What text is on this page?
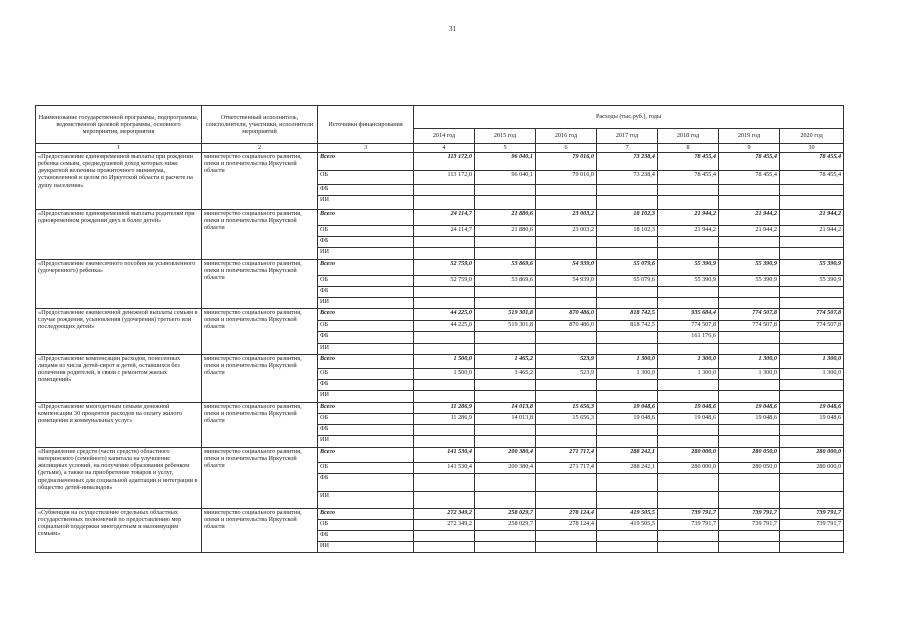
31
Наименование государственной программы, подпрограммы, ведомственной целевой программы, основного мероприятия, мероприятия	Ответственный исполнитель, соисполнители, участники, исполнители мероприятий	Источники финансирования	Расходы (тыс.руб.), годы						
			2014 год	2015 год	2016 год	2017 год	2018 год	2019 год	2020 год
1	2	3	4	5	6	7	8	9	10
«Предоставление единовременной выплаты при рождении ребенка семьям, среднедушевой доход которых ниже двукратной величины прожиточного минимума, установленной в целом по Иркутской области в расчете на душу населения»	министерство социального развития, опеки и попечительства Иркутской области	Всего	113 172,0	96 040,1	79 016,0	73 238,4	78 455,4	78 455,4	78 455,4
		ОБ	113 172,0	96 040,1	79 016,0	73 238,4	78 455,4	78 455,4	78 455,4
		ФБ							
		ИИ							
«Предоставление единовременной выплаты родителям при одновременном рождении двух и более детей»	министерство социального развития, опеки и попечительства Иркутской области	Всего	24 114,7	21 880,6	23 003,2	18 102,3	21 944,2	21 944,2	21 944,2
		ОБ	24 114,7	21 880,6	23 003,2	18 102,3	21 944,2	21 944,2	21 944,2
		ФБ							
		ИИ							
«Предоставление ежемесячного пособия на усыновленного (удочеренного) ребенка»	министерство социального развития, опеки и попечительства Иркутской области	Всего	52 759,0	53 869,6	54 939,0	55 079,6	55 390,9	55 390,9	55 390,9
		ОБ	52 759,0	53 869,6	54 939,0	55 079,6	55 390,9	55 390,9	55 390,9
		ФБ							
		ИИ							
«Предоставление ежемесячной денежной выплаты семьям в случае рождения, усыновления (удочерения) третьего или последующих детей»	министерство социального развития, опеки и попечительства Иркутской области	Всего	44 225,0	519 301,8	870 486,0	818 742,5	935 684,4	774 507,8	774 507,8
		ОБ	44 225,0	519 301,8	870 486,0	818 742,5	774 507,8	774 507,8	774 507,8
		ФБ					161 176,6		
		ИИ							
«Предоставление компенсации расходов, понесенных лицами из числа детей-сирот и детей, оставшихся без попечения родителей, в связи с ремонтом жилых помещений»	министерство социального развития, опеки и попечительства Иркутской области	Всего	1 500,0	1 465,2	523,9	1 300,0	1 300,0	1 300,0	1 300,0
		ОБ	1 500,0	1 465,2	523,9	1 300,0	1 300,0	1 300,0	1 300,0
		ФБ							
		ИИ							
«Предоставление многодетным семьям денежной компенсации 30 процентов расходов на оплату жилого помещения и коммунальных услуг»	министерство социального развития, опеки и попечительства Иркутской области	Всего	11 286,9	14 013,8	15 656,3	19 048,6	19 048,6	19 048,6	19 048,6
		ОБ	11 286,9	14 013,8	15 656,3	19 048,6	19 048,6	19 048,6	19 048,6
		ФБ							
		ИИ							
«Направление средств (части средств) областного материнского (семейного) капитала на улучшение жилищных условий, на получение образования ребенком (детьми), а также на приобретение товаров и услуг, предназначенных для социальной адаптации и интеграции в общество детей-инвалидов»	министерство социального развития, опеки и попечительства Иркутской области	Всего	141 530,4	200 380,4	271 717,4	288 242,1	280 000,0	280 050,0	280 000,0
		ОБ	141 530,4	200 380,4	271 717,4	288 242,1	280 000,0	280 050,0	280 000,0
		ФБ							
		ИИ							
«Субвенция на осуществление отдельных областных государственных полномочий по предоставлению мер социальной поддержки многодетным и малоимущим семьям»	министерство социального развития, опеки и попечительства Иркутской области	Всего	272 349,2	258 029,7	278 124,4	419 505,5	739 791,7	739 791,7	739 791,7
		ОБ	272 349,2	258 029,7	278 124,4	419 505,5	739 791,7	739 791,7	739 791,7
		ФБ							
		ИИ							
